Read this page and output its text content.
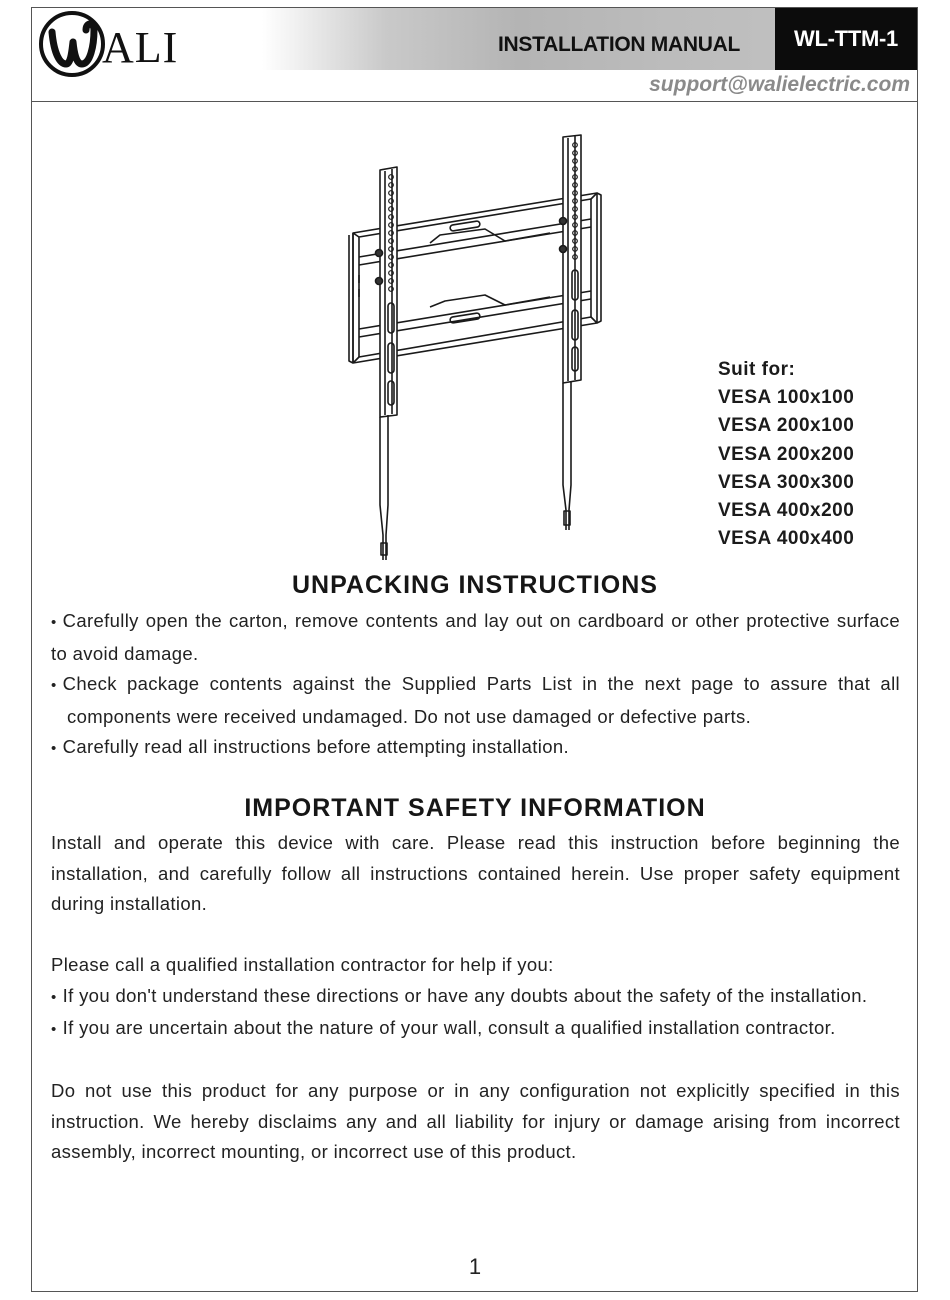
ALI	INSTALLATION MANUAL WL-TTM-1
support@walielectric.com
Suit for:
VESA 100x100
VESA 200x100
VESA 200x200
VESA 300x300
VESA 400x200
VESA 400x400
UNPACKING INSTRUCTIONS

• Carefully open the carton, remove contents and lay out on cardboard or other protective surface to avoid damage.

• Check package contents against the Supplied Parts List in the next page to assure that all components were received undamaged. Do not use damaged or defective parts.

• Carefully read all instructions before attempting installation.

IMPORTANT SAFETY INFORMATION

Install and operate this device with care. Please read this instruction before beginning the installation, and carefully follow all instructions contained herein. Use proper safety equipment during installation.

Please call a qualified installation contractor for help if you:

• If you don't understand these directions or have any doubts about the safety of the installation.

• If you are uncertain about the nature of your wall, consult a qualified installation contractor.

Do not use this product for any purpose or in any configuration not explicitly specified in this instruction. We hereby disclaims any and all liability for injury or damage arising from incorrect assembly, incorrect mounting, or incorrect use of this product.

1
